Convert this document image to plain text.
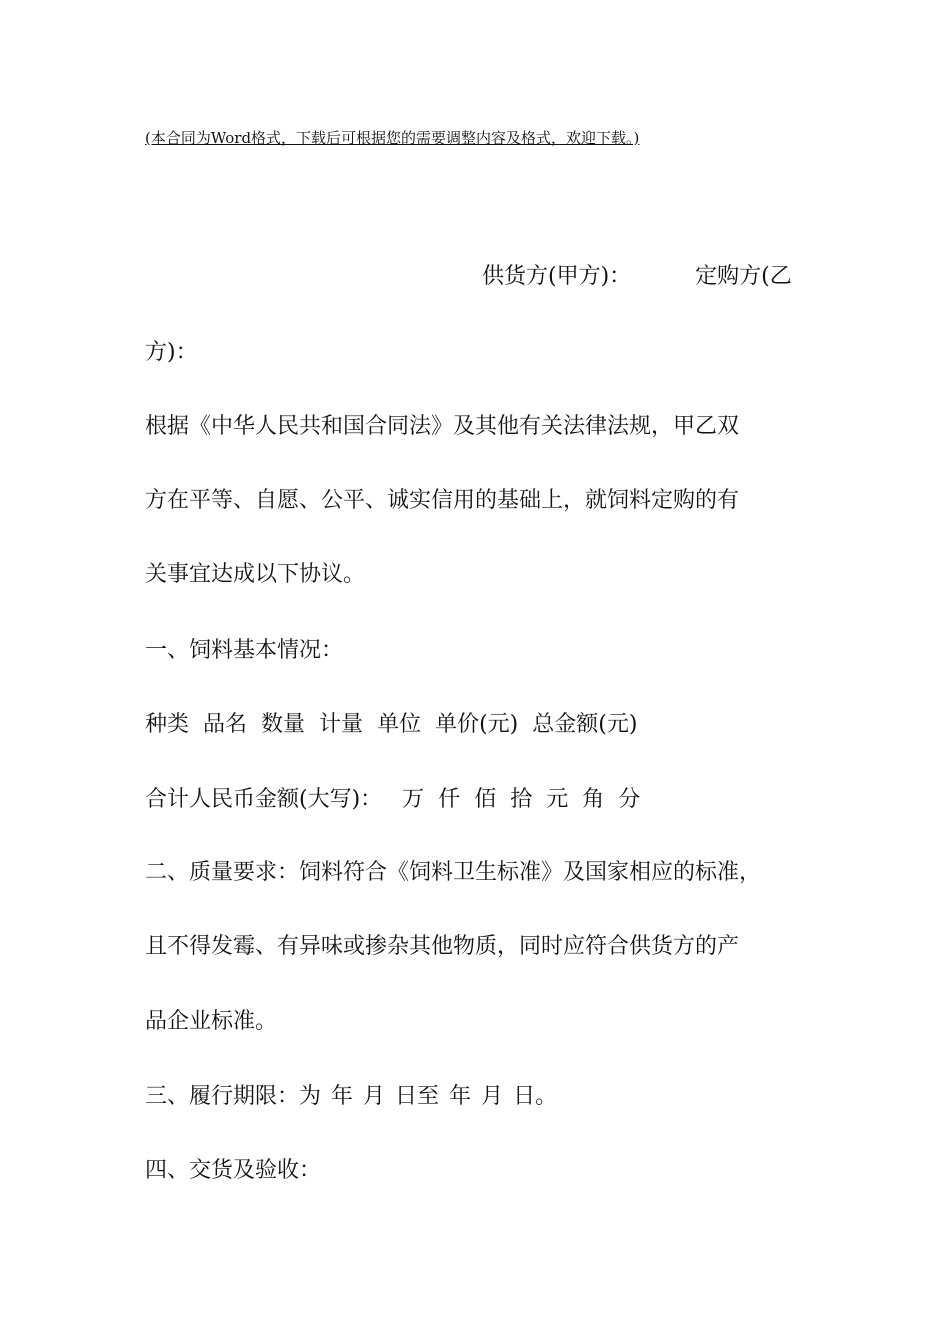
(本合同为Word格式，下载后可根据您的需要调整内容及格式，欢迎下载。)
供货方(甲方)：	定购方(乙
方)：
根据《中华人民共和国合同法》及其他有关法律法规，甲乙双
方在平等、自愿、公平、诚实信用的基础上，就饲料定购的有
关事宜达成以下协议。
一、饲料基本情况：
种类 品名 数量 计量 单位 单价(元) 总金额(元)
合计人民币金额(大写)： 万 仟 佰 拾 元 角 分
二、质量要求：饲料符合《饲料卫生标准》及国家相应的标准，
且不得发霉、有异味或掺杂其他物质，同时应符合供货方的产
品企业标准。
三、履行期限：为 年 月 日至 年 月 日。
四、交货及验收：
